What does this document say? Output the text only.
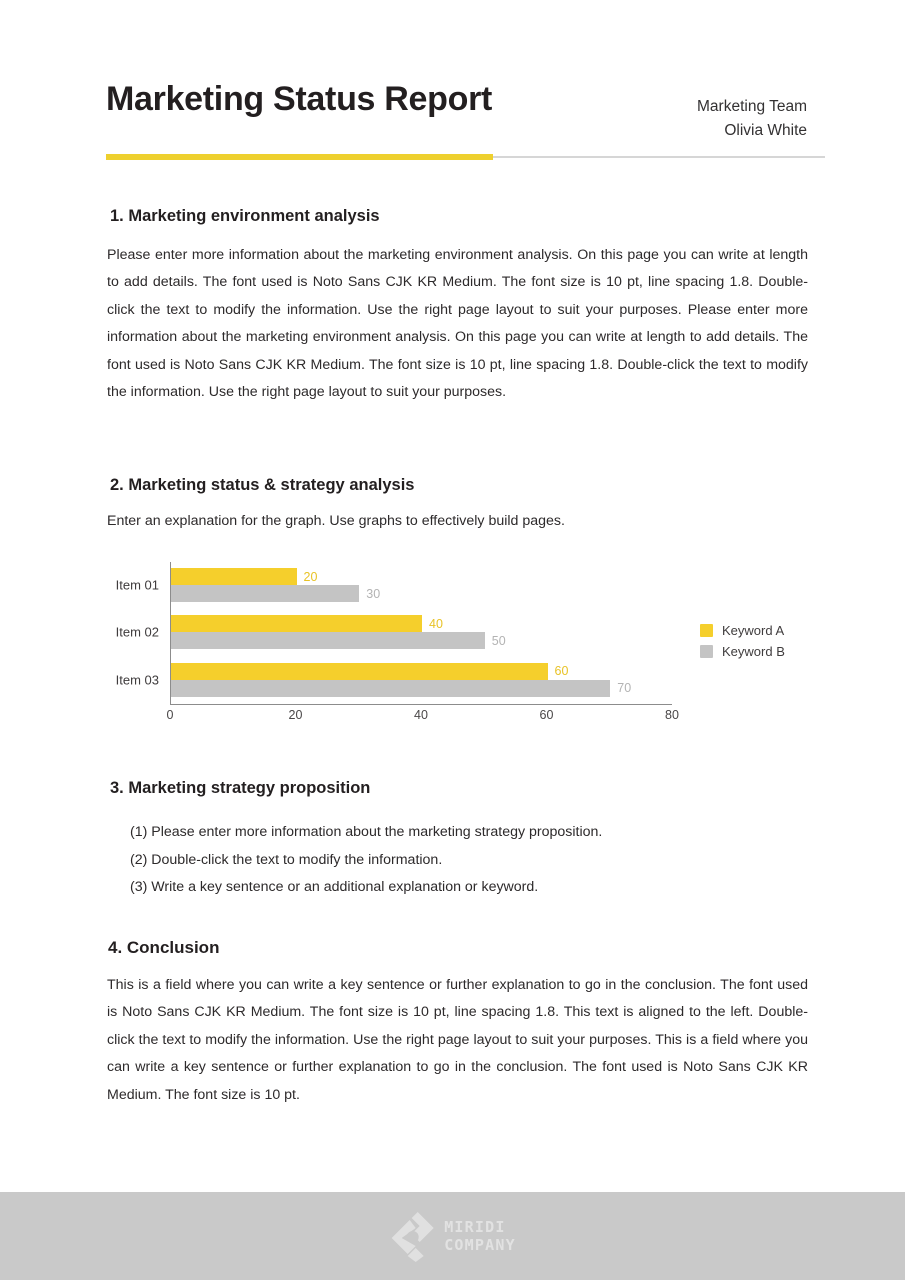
Marketing Status Report	Marketing Team
Olivia White
1. Marketing environment analysis
Please enter more information about the marketing environment analysis. On this page you can write at length to add details. The font used is Noto Sans CJK KR Medium. The font size is 10 pt, line spacing 1.8. Double-click the text to modify the information. Use the right page layout to suit your purposes. Please enter more information about the marketing environment analysis. On this page you can write at length to add details. The font used is Noto Sans CJK KR Medium. The font size is 10 pt, line spacing 1.8. Double-click the text to modify the information. Use the right page layout to suit your purposes.
2. Marketing status & strategy analysis
Enter an explanation for the graph. Use graphs to effectively build pages.
Item 01
20
30
Item 02
40
50
Item 03
60
70
0	20	40	60	80
Keyword A
Keyword B
3. Marketing strategy proposition
(1) Please enter more information about the marketing strategy proposition.
(2) Double-click the text to modify the information.
(3) Write a key sentence or an additional explanation or keyword.
4. Conclusion
This is a field where you can write a key sentence or further explanation to go in the conclusion. The font used is Noto Sans CJK KR Medium. The font size is 10 pt, line spacing 1.8. This text is aligned to the left. Double-click the text to modify the information. Use the right page layout to suit your purposes. This is a field where you can write a key sentence or further explanation to go in the conclusion. The font used is Noto Sans CJK KR Medium. The font size is 10 pt.
MIRIDI
COMPANY
